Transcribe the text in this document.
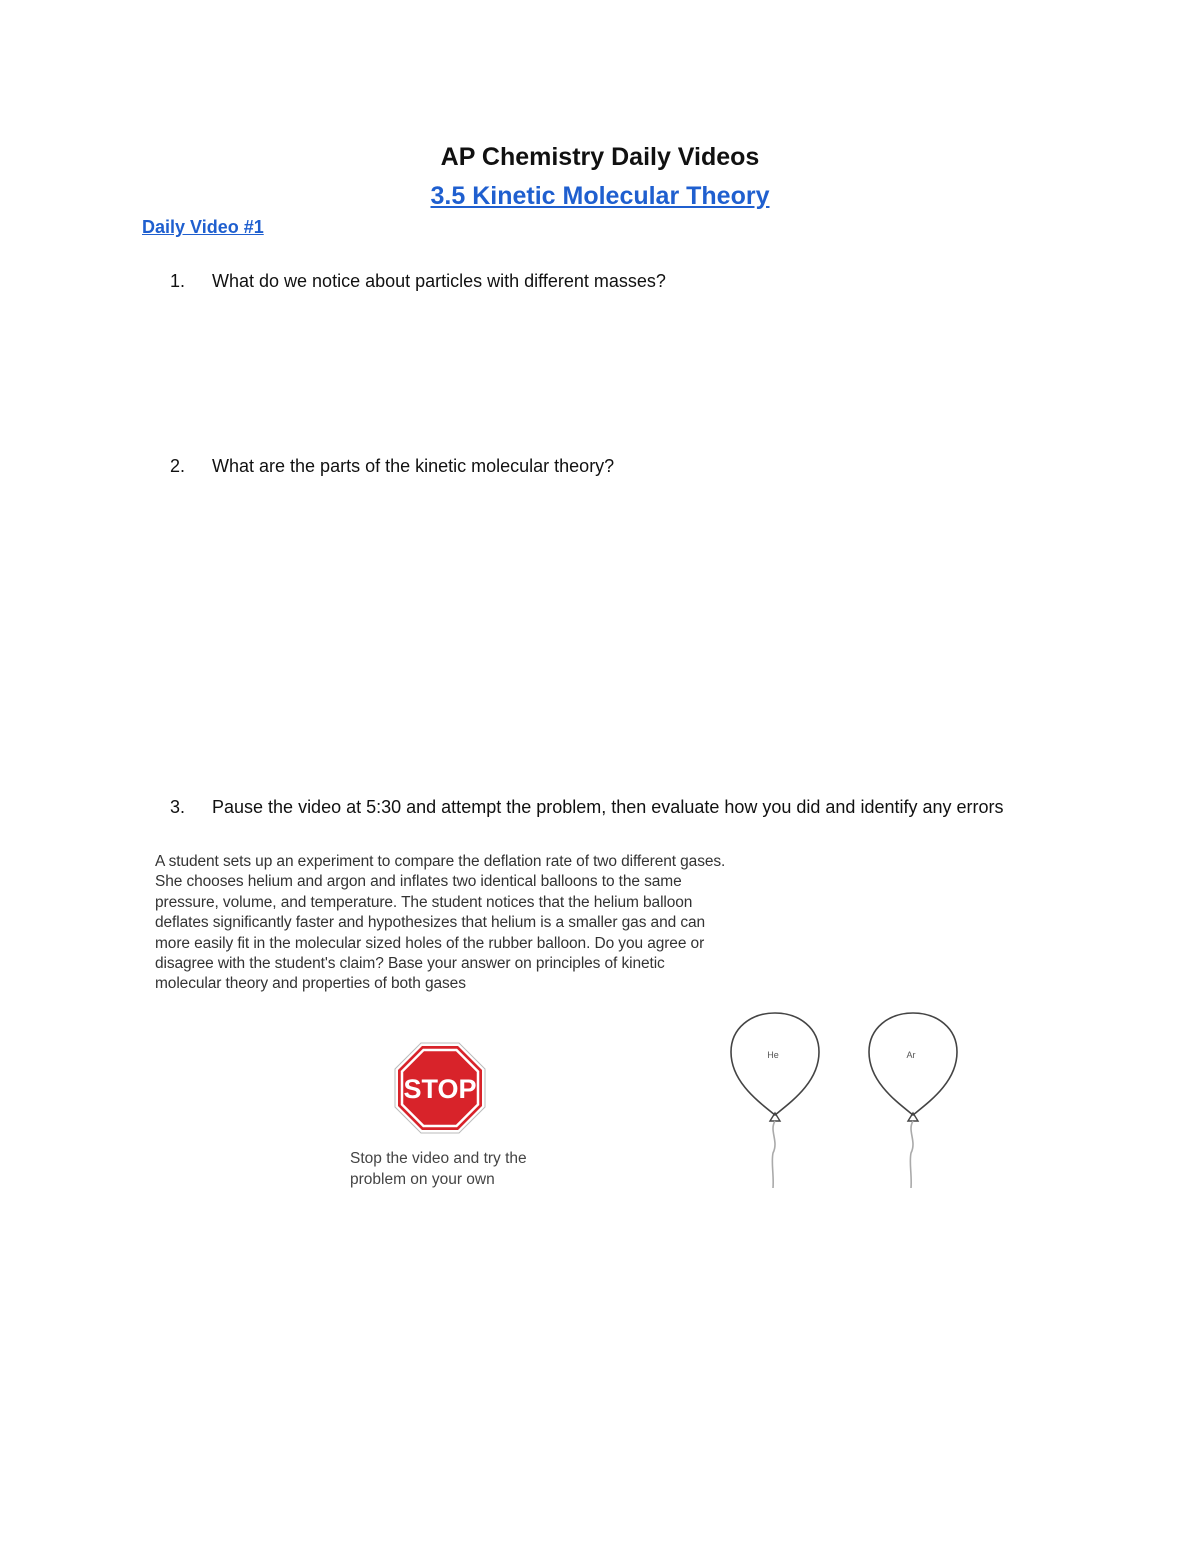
AP Chemistry Daily Videos
3.5 Kinetic Molecular Theory
Daily Video #1
1. What do we notice about particles with different masses?
2. What are the parts of the kinetic molecular theory?
3. Pause the video at 5:30 and attempt the problem, then evaluate how you did and identify any errors
A student sets up an experiment to compare the deflation rate of two different gases. She chooses helium and argon and inflates two identical balloons to the same pressure, volume, and temperature. The student notices that the helium balloon deflates significantly faster and hypothesizes that helium is a smaller gas and can more easily fit in the molecular sized holes of the rubber balloon. Do you agree or disagree with the student's claim? Base your answer on principles of kinetic molecular theory and properties of both gases
STOP
Stop the video and try the problem on your own
He	Ar
